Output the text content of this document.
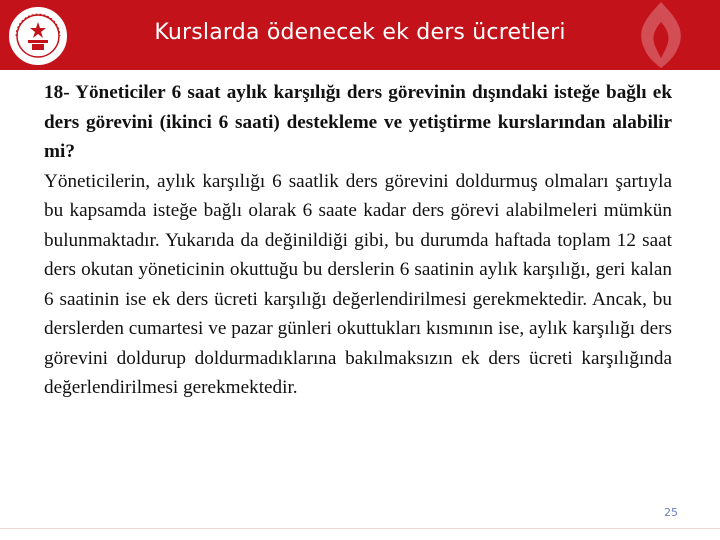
Kurslarda ödenecek ek ders ücretleri

18- Yöneticiler 6 saat aylık karşılığı ders görevinin dışındaki isteğe bağlı ek ders görevini (ikinci 6 saati) destekleme ve yetiştirme kurslarından alabilir mi?

Yöneticilerin, aylık karşılığı 6 saatlik ders görevini doldurmuş olmaları şartıyla bu kapsamda isteğe bağlı olarak 6 saate kadar ders görevi alabilmeleri mümkün bulunmaktadır. Yukarıda da değinildiği gibi, bu durumda haftada toplam 12 saat ders okutan yöneticinin okuttuğu bu derslerin 6 saatinin aylık karşılığı, geri kalan 6 saatinin ise ek ders ücreti karşılığı değerlendirilmesi gerekmektedir. Ancak, bu derslerden cumartesi ve pazar günleri okuttukları kısmının ise, aylık karşılığı ders görevini doldurup doldurmadıklarına bakılmaksızın ek ders ücreti karşılığında değerlendirilmesi gerekmektedir.

25
